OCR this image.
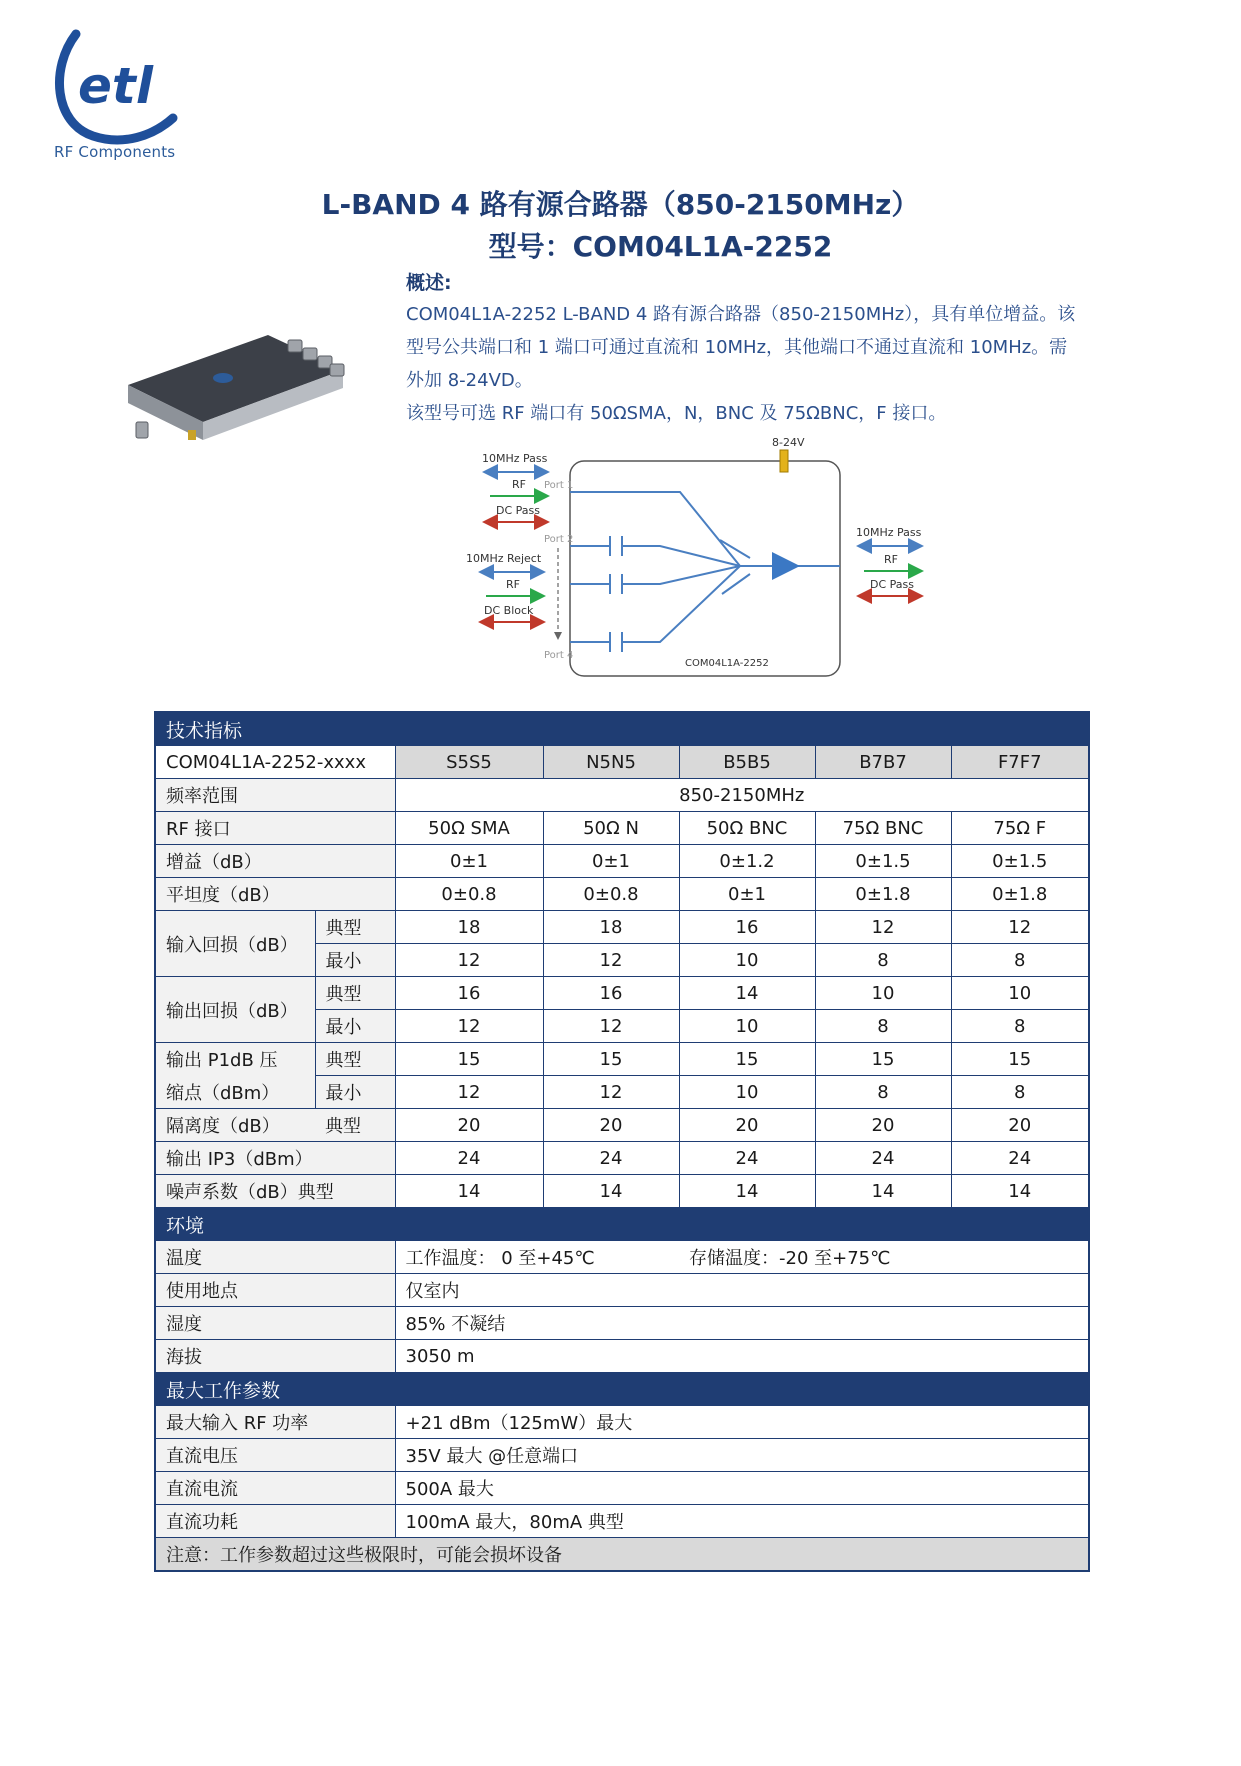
etl
RF Components
L-BAND 4 路有源合路器（850-2150MHz）
型号：COM04L1A-2252
概述:

COM04L1A-2252 L-BAND 4 路有源合路器（850-2150MHz），具有单位增益。该型号公共端口和 1 端口可通过直流和 10MHz，其他端口不通过直流和 10MHz。需外加 8-24VD。

该型号可选 RF 端口有 50ΩSMA，N，BNC 及 75ΩBNC，F 接口。

8-24V
10MHz Pass
RF
DC Pass
Port 1
10MHz Reject
RF
DC Block
Port 2
Port 4
10MHz Pass
RF
DC Pass
COM04L1A-2252
技术指标						
COM04L1A-2252-xxxx		S5S5	N5N5	B5B5	B7B7	F7F7
频率范围		850-2150MHz				
RF 接口		50Ω SMA	50Ω N	50Ω BNC	75Ω BNC	75Ω F
增益（dB）		0±1	0±1	0±1.2	0±1.5	0±1.5
平坦度（dB）		0±0.8	0±0.8	0±1	0±1.8	0±1.8
输入回损（dB）	典型	18	18	16	12	12
	最小	12	12	10	8	8
输出回损（dB）	典型	16	16	14	10	10
	最小	12	12	10	8	8
输出 P1dB 压	典型	15	15	15	15	15
缩点（dBm）	最小	12	12	10	8	8
隔离度（dB）	典型	20	20	20	20	20
输出 IP3（dBm）		24	24	24	24	24
噪声系数（dB）典型		14	14	14	14	14
环境						
温度		工作温度： 0 至+45℃		存储温度：-20 至+75℃		
使用地点		仅室内				
湿度		85% 不凝结				
海拔		3050 m				
最大工作参数						
最大输入 RF 功率		+21 dBm（125mW）最大				
直流电压		35V 最大 @任意端口				
直流电流		500A 最大				
直流功耗		100mA 最大，80mA 典型				
注意：工作参数超过这些极限时，可能会损坏设备						
